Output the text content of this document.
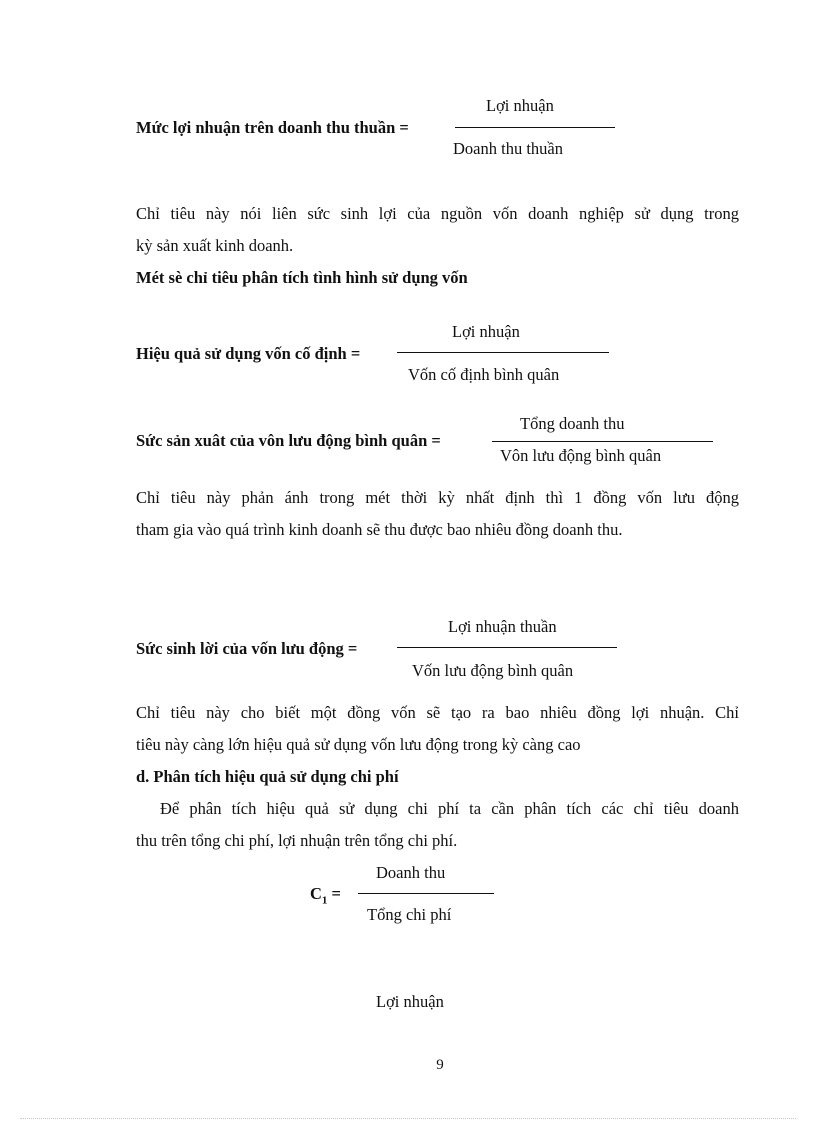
Mức lợi nhuận trên doanh thu thuần =
Lợi nhuận
Doanh thu thuần
Chỉ tiêu này nói liên sức sinh lợi của nguồn vốn doanh nghiệp sử dụng trong
kỳ sản xuất kinh doanh.
Mét sè chỉ tiêu phân tích tình hình sử dụng vốn
Hiệu quả sử dụng vốn cố định =
Lợi nhuận
Vốn cố định bình quân
Sức sản xuât của vôn lưu động bình quân =
Tổng doanh thu
Vôn lưu động bình quân
Chỉ tiêu này phản ánh trong mét thời kỳ nhất định thì 1 đồng vốn lưu động
tham gia vào quá trình kinh doanh sẽ thu được bao nhiêu đồng doanh thu.
Sức sinh lời của vốn lưu động =
Lợi nhuận thuần
Vốn lưu động bình quân
Chỉ tiêu này cho biết một đồng vốn sẽ tạo ra bao nhiêu đồng lợi nhuận. Chỉ
tiêu này càng lớn hiệu quả sử dụng vốn lưu động trong kỳ càng cao
d. Phân tích hiệu quả sử dụng chi phí
Để phân tích hiệu quả sử dụng chi phí ta cần phân tích các chỉ tiêu doanh
thu trên tổng chi phí, lợi nhuận trên tổng chi phí.
$C_1$ =
Doanh thu
Tổng chi phí
Lợi nhuận
9
